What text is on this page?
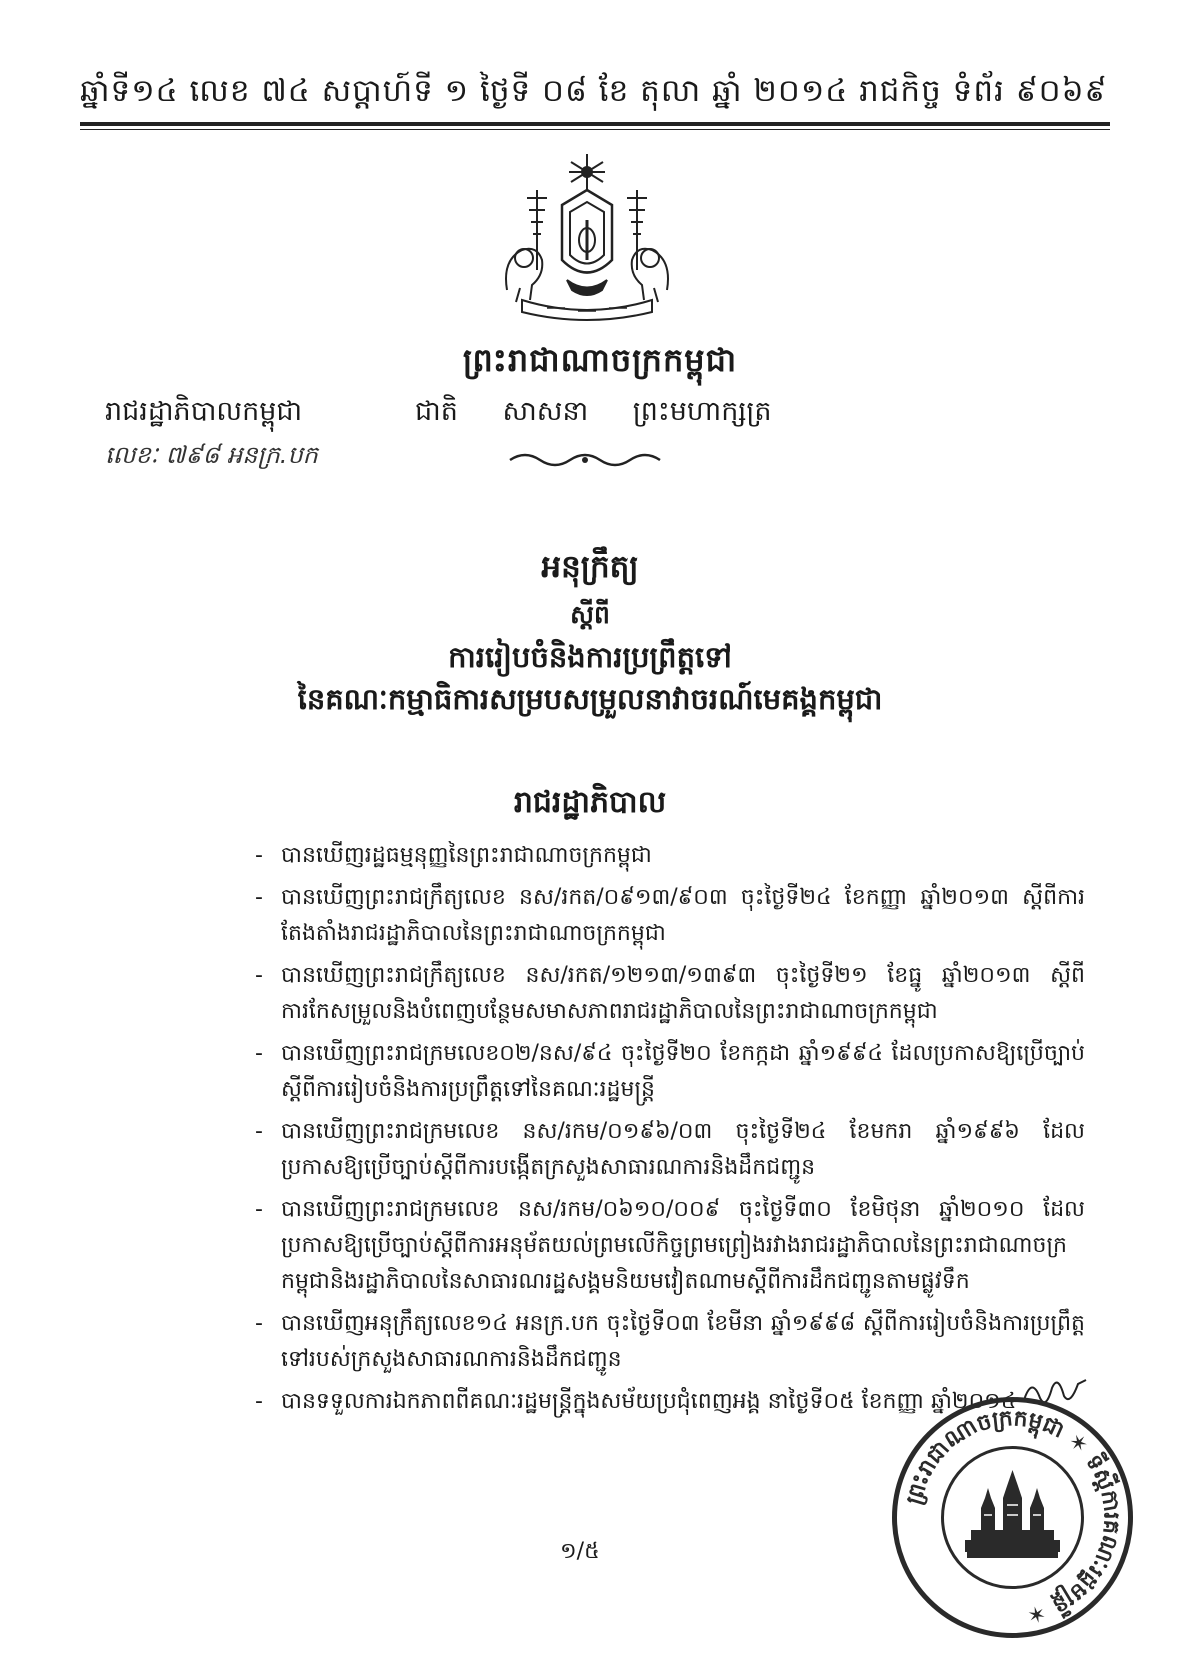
ឆ្នាំទី១៤ លេខ ៧៤ សប្តាហ៍ទី ១ ថ្ងៃទី ០៨ ខែ តុលា ឆ្នាំ ២០១៤ រាជកិច្ច ទំព័រ ៩០៦៩
ព្រះរាជាណាចក្រកម្ពុជា
រាជរដ្ឋាភិបាលកម្ពុជា	ជាតិ សាសនា ព្រះមហាក្សត្រ
លេខៈ ៧៩៨ អនក្រ.បក
អនុក្រឹត្យ
ស្តីពី
ការរៀបចំនិងការប្រព្រឹត្តទៅ
នៃគណៈកម្មាធិការសម្របសម្រួលនាវាចរណ៍មេគង្គកម្ពុជា
រាជរដ្ឋាភិបាល
- បានឃើញរដ្ឋធម្មនុញ្ញនៃព្រះរាជាណាចក្រកម្ពុជា
- បានឃើញព្រះរាជក្រឹត្យលេខ នស/រកត/០៩១៣/៩០៣ ចុះថ្ងៃទី២៤ ខែកញ្ញា ឆ្នាំ២០១៣ ស្តីពីការតែងតាំងរាជរដ្ឋាភិបាលនៃព្រះរាជាណាចក្រកម្ពុជា
- បានឃើញព្រះរាជក្រឹត្យលេខ នស/រកត/១២១៣/១៣៩៣ ចុះថ្ងៃទី២១ ខែធ្នូ ឆ្នាំ២០១៣ ស្តីពីការកែសម្រួលនិងបំពេញបន្ថែមសមាសភាពរាជរដ្ឋាភិបាលនៃព្រះរាជាណាចក្រកម្ពុជា
- បានឃើញព្រះរាជក្រមលេខ០២/នស/៩៤ ចុះថ្ងៃទី២០ ខែកក្កដា ឆ្នាំ១៩៩៤ ដែលប្រកាសឱ្យប្រើច្បាប់ស្តីពីការរៀបចំនិងការប្រព្រឹត្តទៅនៃគណៈរដ្ឋមន្ត្រី
- បានឃើញព្រះរាជក្រមលេខ នស/រកម/០១៩៦/០៣ ចុះថ្ងៃទី២៤ ខែមករា ឆ្នាំ១៩៩៦ ដែលប្រកាសឱ្យប្រើច្បាប់ស្តីពីការបង្កើតក្រសួងសាធារណការនិងដឹកជញ្ជូន
- បានឃើញព្រះរាជក្រមលេខ នស/រកម/០៦១០/០០៩ ចុះថ្ងៃទី៣០ ខែមិថុនា ឆ្នាំ២០១០ ដែលប្រកាសឱ្យប្រើច្បាប់ស្តីពីការអនុម័តយល់ព្រមលើកិច្ចព្រមព្រៀងរវាងរាជរដ្ឋាភិបាលនៃព្រះរាជាណាចក្រកម្ពុជានិងរដ្ឋាភិបាលនៃសាធារណរដ្ឋសង្គមនិយមវៀតណាមស្តីពីការដឹកជញ្ជូនតាមផ្លូវទឹក
- បានឃើញអនុក្រឹត្យលេខ១៤ អនក្រ.បក ចុះថ្ងៃទី០៣ ខែមីនា ឆ្នាំ១៩៩៨ ស្តីពីការរៀបចំនិងការប្រព្រឹត្តទៅរបស់ក្រសួងសាធារណការនិងដឹកជញ្ជូន
- បានទទួលការឯកភាពពីគណៈរដ្ឋមន្ត្រីក្នុងសម័យប្រជុំពេញអង្គ នាថ្ងៃទី០៥ ខែកញ្ញា ឆ្នាំ២០១៤
១/៥
ព្រះរាជាណាចក្រកម្ពុជា ✶ ទីស្តីការគណៈរដ្ឋមន្ត្រី ✶
